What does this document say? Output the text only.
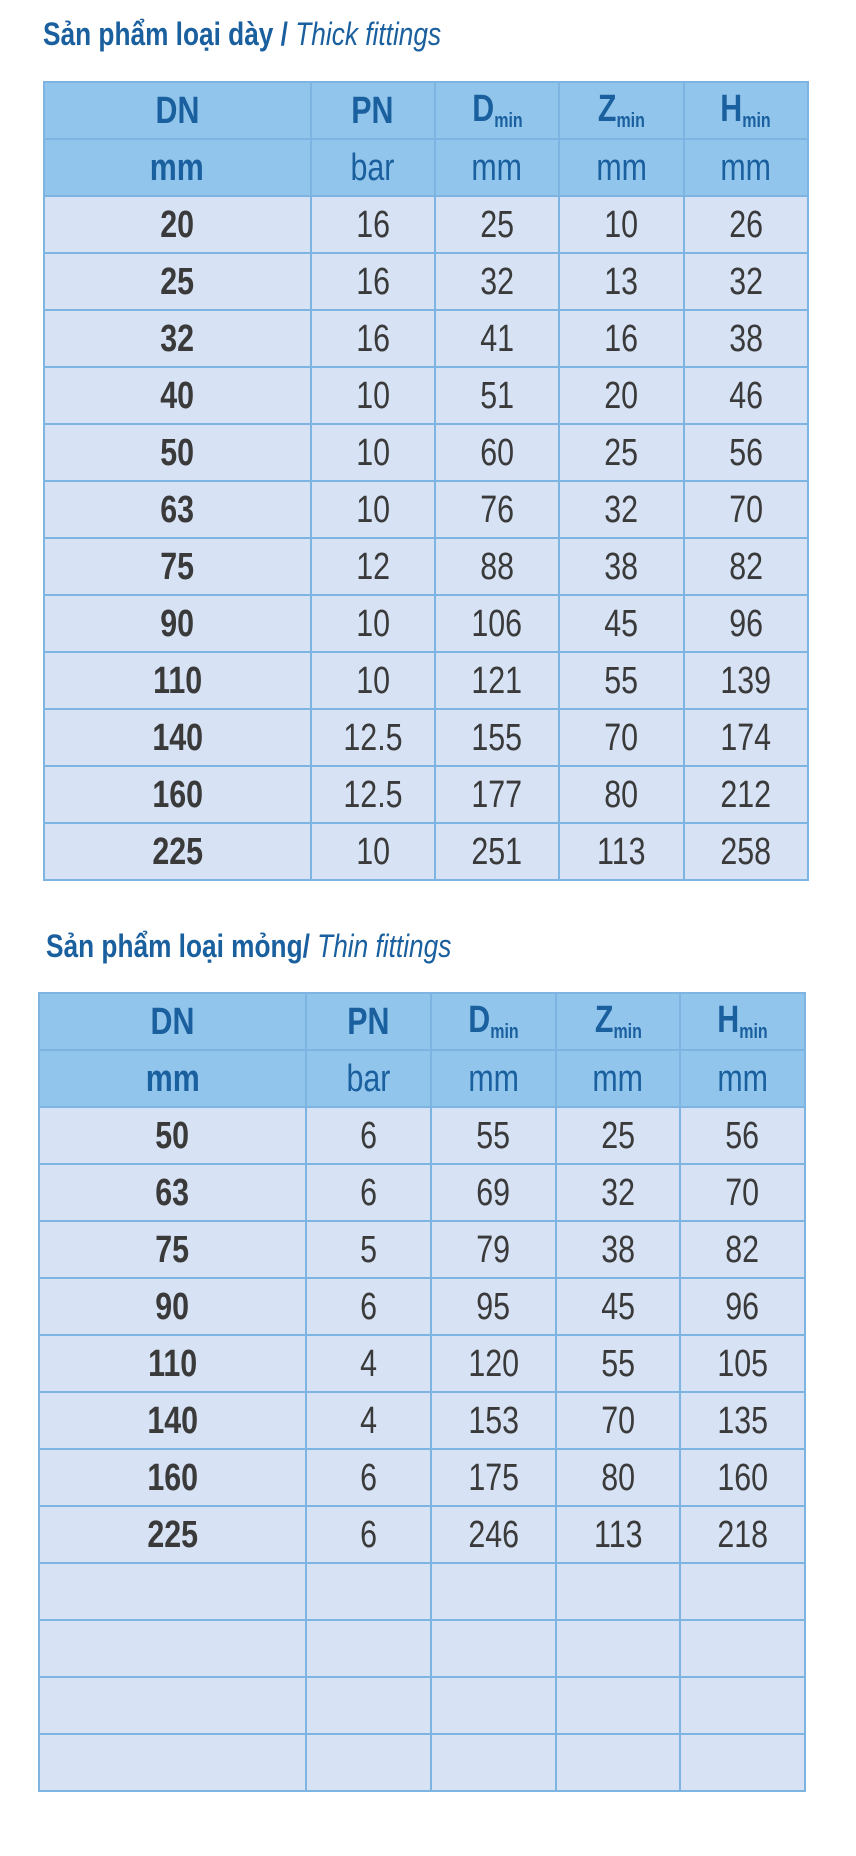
Sản phẩm loại dày / Thick fittings
DN	PN	$D_{min}$	$Z_{min}$	$H_{min}$
mm	bar	mm	mm	mm
20	16	25	10	26
25	16	32	13	32
32	16	41	16	38
40	10	51	20	46
50	10	60	25	56
63	10	76	32	70
75	12	88	38	82
90	10	106	45	96
110	10	121	55	139
140	12.5	155	70	174
160	12.5	177	80	212
225	10	251	113	258
Sản phẩm loại mỏng/ Thin fittings
DN	PN	$D_{min}$	$Z_{min}$	$H_{min}$
mm	bar	mm	mm	mm
50	6	55	25	56
63	6	69	32	70
75	5	79	38	82
90	6	95	45	96
110	4	120	55	105
140	4	153	70	135
160	6	175	80	160
225	6	246	113	218
